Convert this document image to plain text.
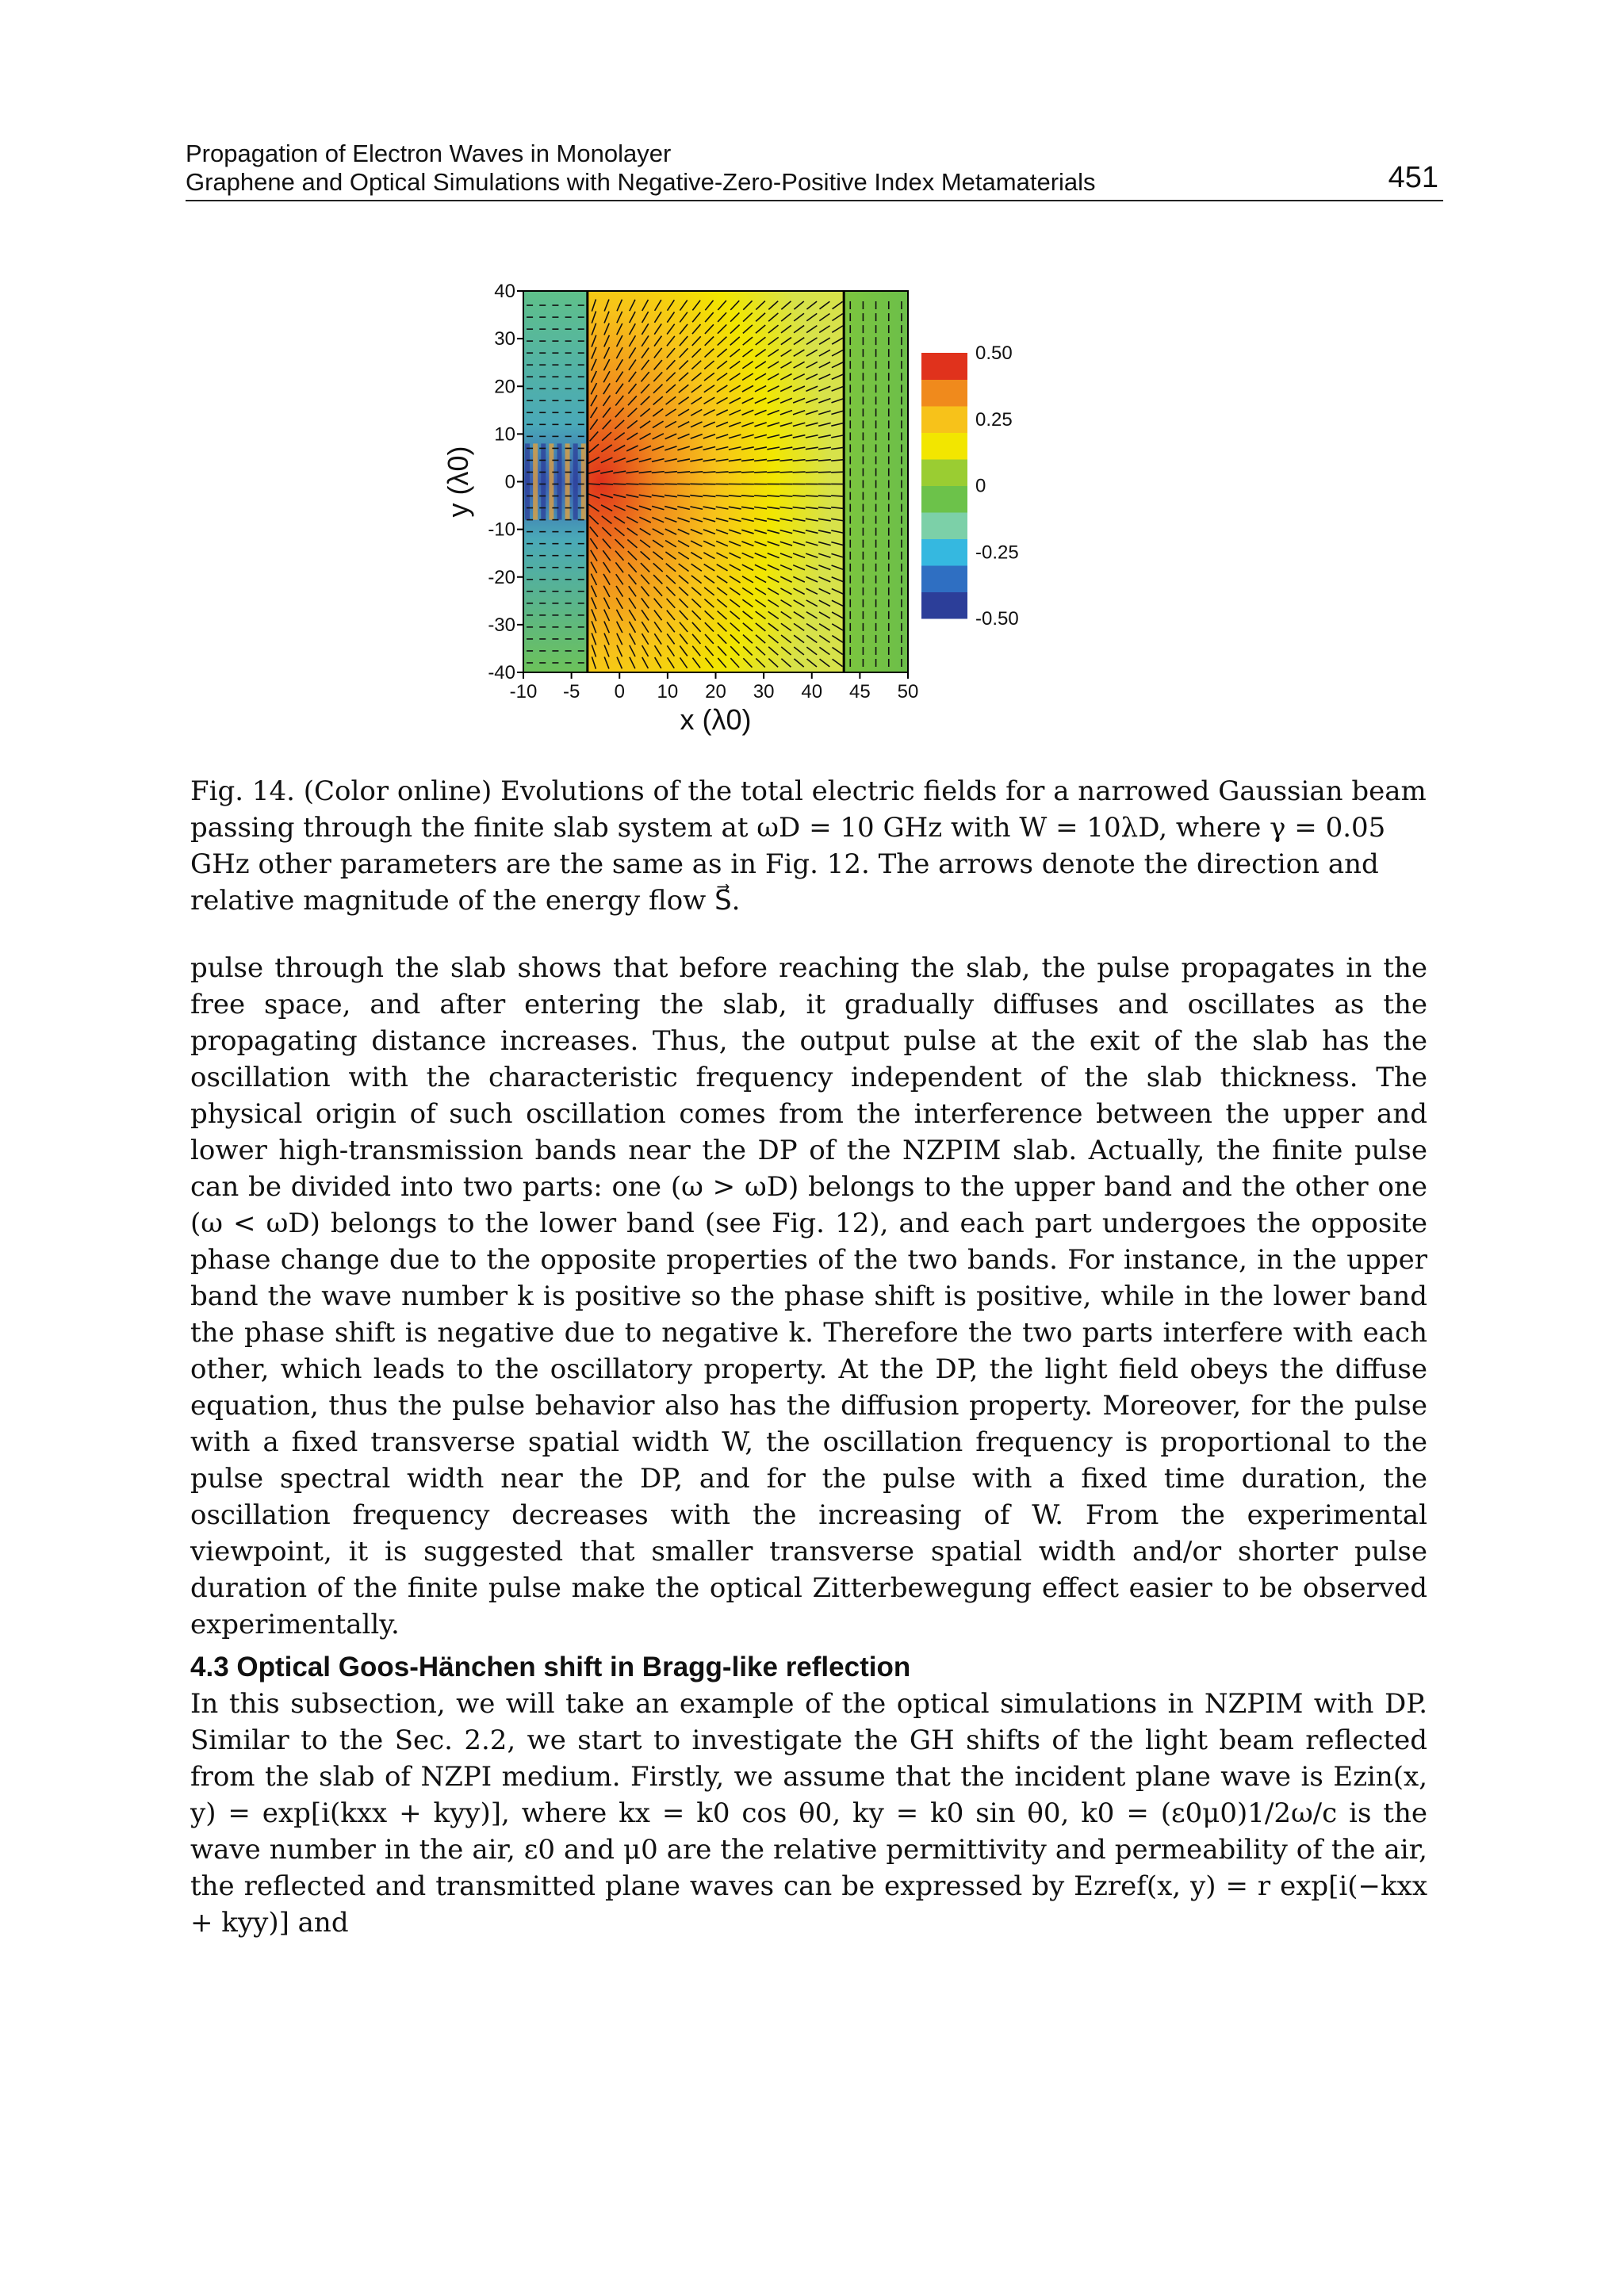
Propagation of Electron Waves in Monolayer
Graphene and Optical Simulations with Negative-Zero-Positive Index Metamaterials	451
-10 -5 0 10 20 30 40 45 50
40
30
20
10
0
-10
-20
-30
-40
x (λ0)
y (λ0)
0.50
0.25
0
-0.25
-0.50
Fig. 14. (Color online) Evolutions of the total electric fields for a narrowed Gaussian beam passing through the finite slab system at ωD = 10 GHz with W = 10λD, where γ = 0.05 GHz other parameters are the same as in Fig. 12. The arrows denote the direction and relative magnitude of the energy flow S⃗.

pulse through the slab shows that before reaching the slab, the pulse propagates in the free space, and after entering the slab, it gradually diffuses and oscillates as the propagating distance increases. Thus, the output pulse at the exit of the slab has the oscillation with the characteristic frequency independent of the slab thickness. The physical origin of such oscillation comes from the interference between the upper and lower high-transmission bands near the DP of the NZPIM slab. Actually, the finite pulse can be divided into two parts: one (ω > ωD) belongs to the upper band and the other one (ω < ωD) belongs to the lower band (see Fig. 12), and each part undergoes the opposite phase change due to the opposite properties of the two bands. For instance, in the upper band the wave number k is positive so the phase shift is positive, while in the lower band the phase shift is negative due to negative k. Therefore the two parts interfere with each other, which leads to the oscillatory property. At the DP, the light field obeys the diffuse equation, thus the pulse behavior also has the diffusion property. Moreover, for the pulse with a fixed transverse spatial width W, the oscillation frequency is proportional to the pulse spectral width near the DP, and for the pulse with a fixed time duration, the oscillation frequency decreases with the increasing of W. From the experimental viewpoint, it is suggested that smaller transverse spatial width and/or shorter pulse duration of the finite pulse make the optical Zitterbewegung effect easier to be observed experimentally.

4.3 Optical Goos-Hänchen shift in Bragg-like reflection

In this subsection, we will take an example of the optical simulations in NZPIM with DP. Similar to the Sec. 2.2, we start to investigate the GH shifts of the light beam reflected from the slab of NZPI medium. Firstly, we assume that the incident plane wave is Ezin(x, y) = exp[i(kxx + kyy)], where kx = k0 cos θ0, ky = k0 sin θ0, k0 = (ε0μ0)1/2ω/c is the wave number in the air, ε0 and μ0 are the relative permittivity and permeability of the air, the reflected and transmitted plane waves can be expressed by Ezref(x, y) = r exp[i(−kxx + kyy)] and
